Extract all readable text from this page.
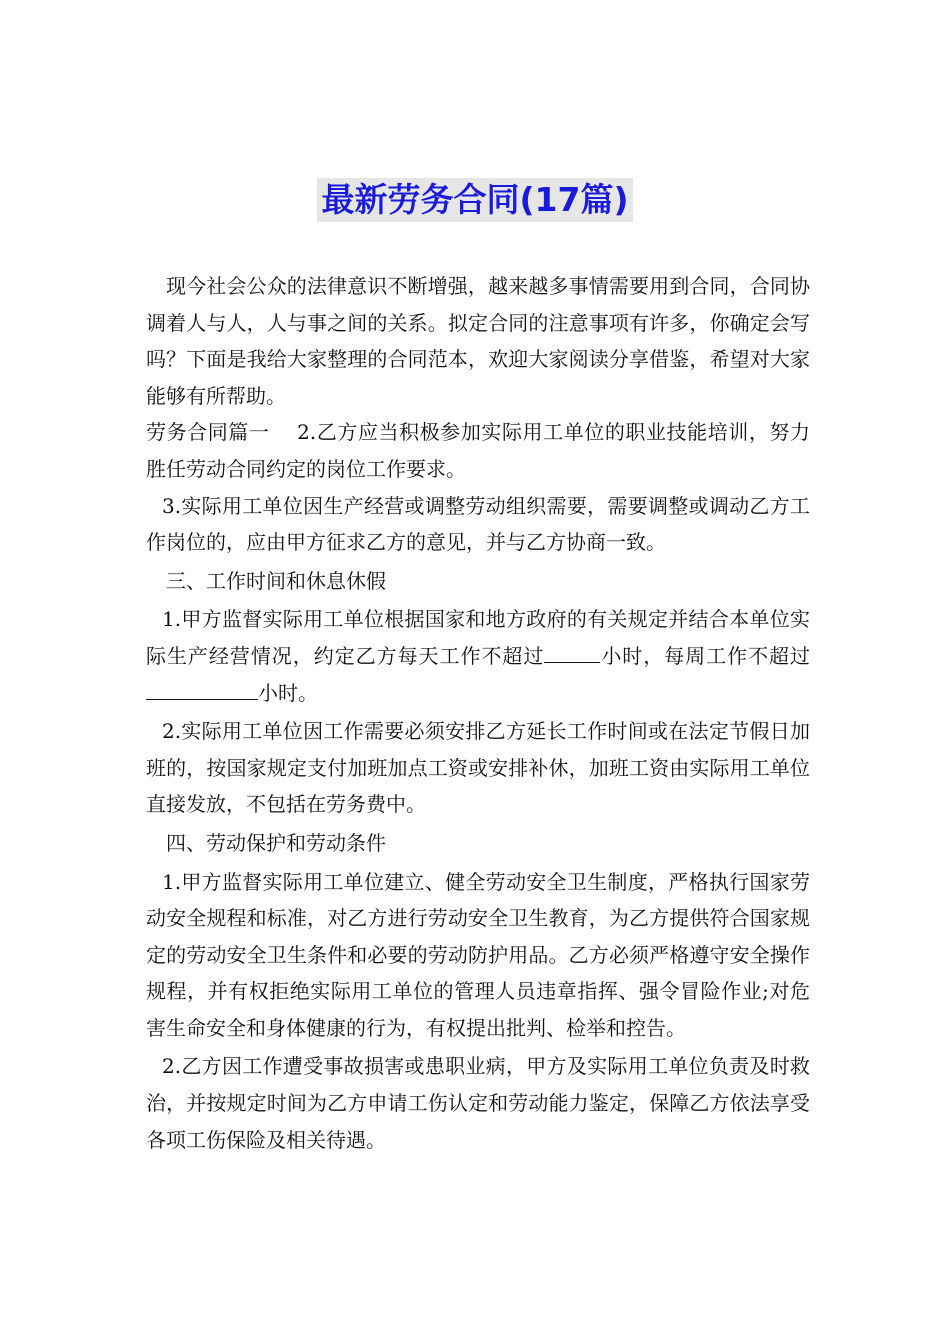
最新劳务合同(17篇)

现今社会公众的法律意识不断增强，越来越多事情需要用到合同，合同协调着人与人，人与事之间的关系。拟定合同的注意事项有许多，你确定会写吗？下面是我给大家整理的合同范本，欢迎大家阅读分享借鉴，希望对大家能够有所帮助。

劳务合同篇一 2.乙方应当积极参加实际用工单位的职业技能培训，努力胜任劳动合同约定的岗位工作要求。

3.实际用工单位因生产经营或调整劳动组织需要，需要调整或调动乙方工作岗位的，应由甲方征求乙方的意见，并与乙方协商一致。

三、工作时间和休息休假

1.甲方监督实际用工单位根据国家和地方政府的有关规定并结合本单位实际生产经营情况，约定乙方每天工作不超过	小时，每周工作不超过小时。

2.实际用工单位因工作需要必须安排乙方延长工作时间或在法定节假日加班的，按国家规定支付加班加点工资或安排补休，加班工资由实际用工单位直接发放，不包括在劳务费中。

四、劳动保护和劳动条件

1.甲方监督实际用工单位建立、健全劳动安全卫生制度，严格执行国家劳动安全规程和标准，对乙方进行劳动安全卫生教育，为乙方提供符合国家规定的劳动安全卫生条件和必要的劳动防护用品。乙方必须严格遵守安全操作规程，并有权拒绝实际用工单位的管理人员违章指挥、强令冒险作业;对危害生命安全和身体健康的行为，有权提出批判、检举和控告。

2.乙方因工作遭受事故损害或患职业病，甲方及实际用工单位负责及时救治，并按规定时间为乙方申请工伤认定和劳动能力鉴定，保障乙方依法享受各项工伤保险及相关待遇。
